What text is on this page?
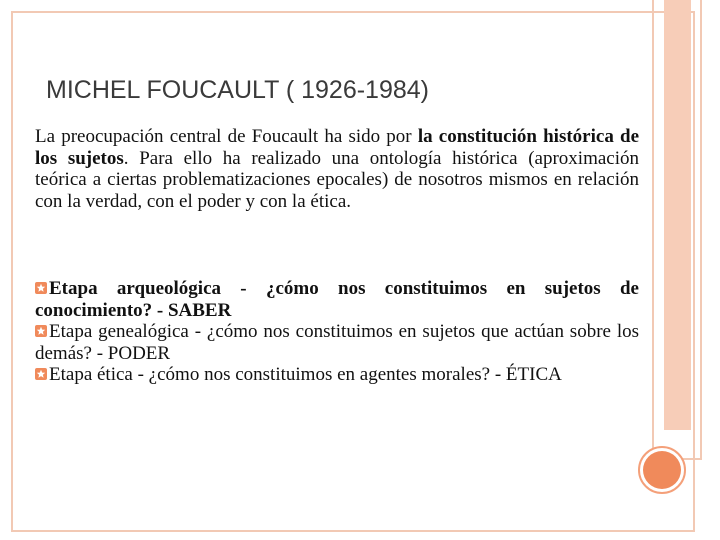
MICHEL FOUCAULT ( 1926-1984)
La preocupación central de Foucault ha sido por la constitución histórica de los sujetos. Para ello ha realizado una ontología histórica (aproximación teórica a ciertas problematizaciones epocales) de nosotros mismos en relación con la verdad, con el poder y con la ética.

Etapa arqueológica - ¿cómo nos constituimos en sujetos de conocimiento? - SABER

Etapa genealógica - ¿cómo nos constituimos en sujetos que actúan sobre los demás? - PODER

Etapa ética - ¿cómo nos constituimos en agentes morales? - ÉTICA
